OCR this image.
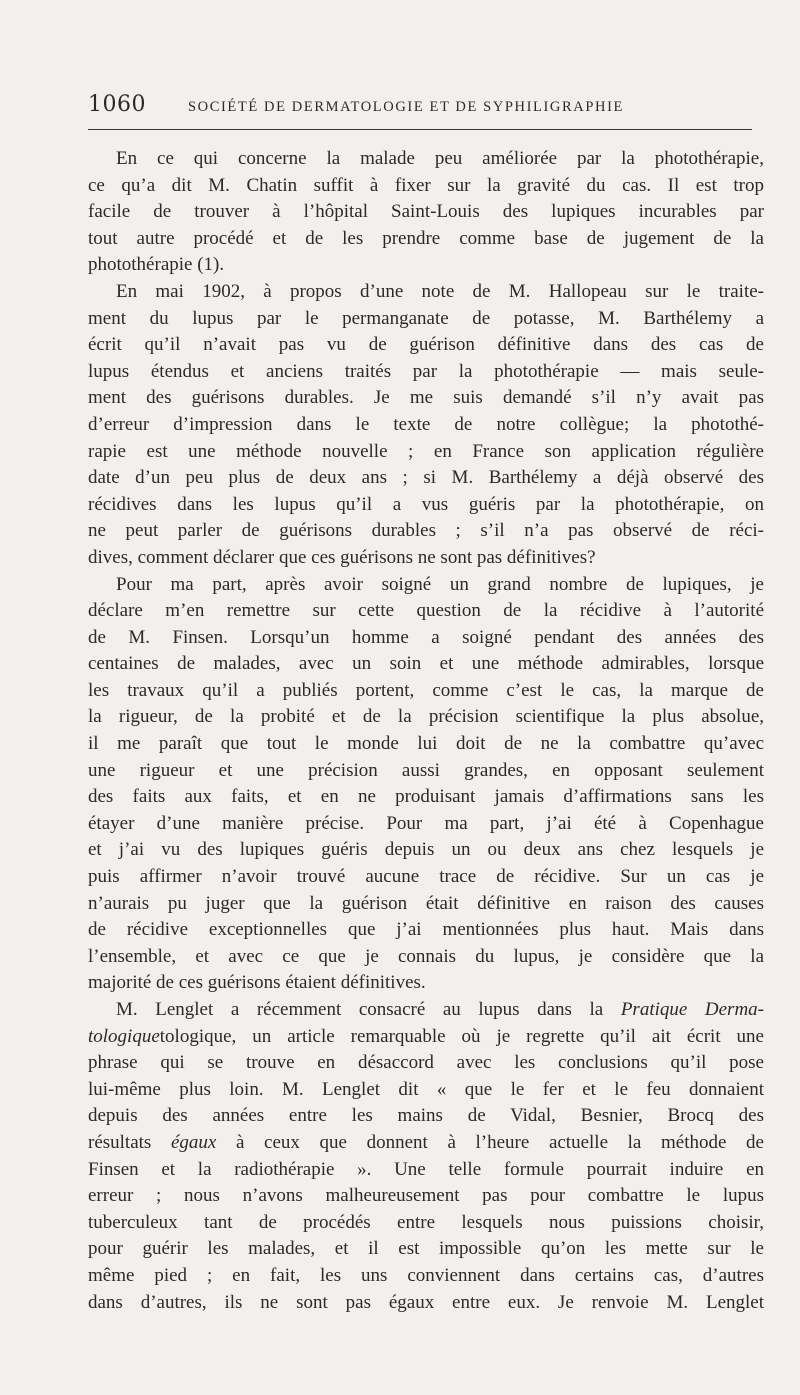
1060	SOCIÉTÉ DE DERMATOLOGIE ET DE SYPHILIGRAPHIE
En ce qui concerne la malade peu améliorée par la photothérapie,
ce qu’a dit M. Chatin suffit à fixer sur la gravité du cas. Il est trop
facile de trouver à l’hôpital Saint-Louis des lupiques incurables par
tout autre procédé et de les prendre comme base de jugement de la
photothérapie (1).
En mai 1902, à propos d’une note de M. Hallopeau sur le traite-
ment du lupus par le permanganate de potasse, M. Barthélemy a
écrit qu’il n’avait pas vu de guérison définitive dans des cas de
lupus étendus et anciens traités par la photothérapie — mais seule-
ment des guérisons durables. Je me suis demandé s’il n’y avait pas
d’erreur d’impression dans le texte de notre collègue; la photothé-
rapie est une méthode nouvelle ; en France son application régulière
date d’un peu plus de deux ans ; si M. Barthélemy a déjà observé des
récidives dans les lupus qu’il a vus guéris par la photothérapie, on
ne peut parler de guérisons durables ; s’il n’a pas observé de réci-
dives, comment déclarer que ces guérisons ne sont pas définitives?
Pour ma part, après avoir soigné un grand nombre de lupiques, je
déclare m’en remettre sur cette question de la récidive à l’autorité
de M. Finsen. Lorsqu’un homme a soigné pendant des années des
centaines de malades, avec un soin et une méthode admirables, lorsque
les travaux qu’il a publiés portent, comme c’est le cas, la marque de
la rigueur, de la probité et de la précision scientifique la plus absolue,
il me paraît que tout le monde lui doit de ne la combattre qu’avec
une rigueur et une précision aussi grandes, en opposant seulement
des faits aux faits, et en ne produisant jamais d’affirmations sans les
étayer d’une manière précise. Pour ma part, j’ai été à Copenhague
et j’ai vu des lupiques guéris depuis un ou deux ans chez lesquels je
puis affirmer n’avoir trouvé aucune trace de récidive. Sur un cas je
n’aurais pu juger que la guérison était définitive en raison des causes
de récidive exceptionnelles que j’ai mentionnées plus haut. Mais dans
l’ensemble, et avec ce que je connais du lupus, je considère que la
majorité de ces guérisons étaient définitives.
M. Lenglet a récemment consacré au lupus dans la Pratique Derma-
tologiquetologique, un article remarquable où je regrette qu’il ait écrit une
phrase qui se trouve en désaccord avec les conclusions qu’il pose
lui-même plus loin. M. Lenglet dit « que le fer et le feu donnaient
depuis des années entre les mains de Vidal, Besnier, Brocq des
résultats égaux à ceux que donnent à l’heure actuelle la méthode de
Finsen et la radiothérapie ». Une telle formule pourrait induire en
erreur ; nous n’avons malheureusement pas pour combattre le lupus
tuberculeux tant de procédés entre lesquels nous puissions choisir,
pour guérir les malades, et il est impossible qu’on les mette sur le
même pied ; en fait, les uns conviennent dans certains cas, d’autres
dans d’autres, ils ne sont pas égaux entre eux. Je renvoie M. Lenglet
